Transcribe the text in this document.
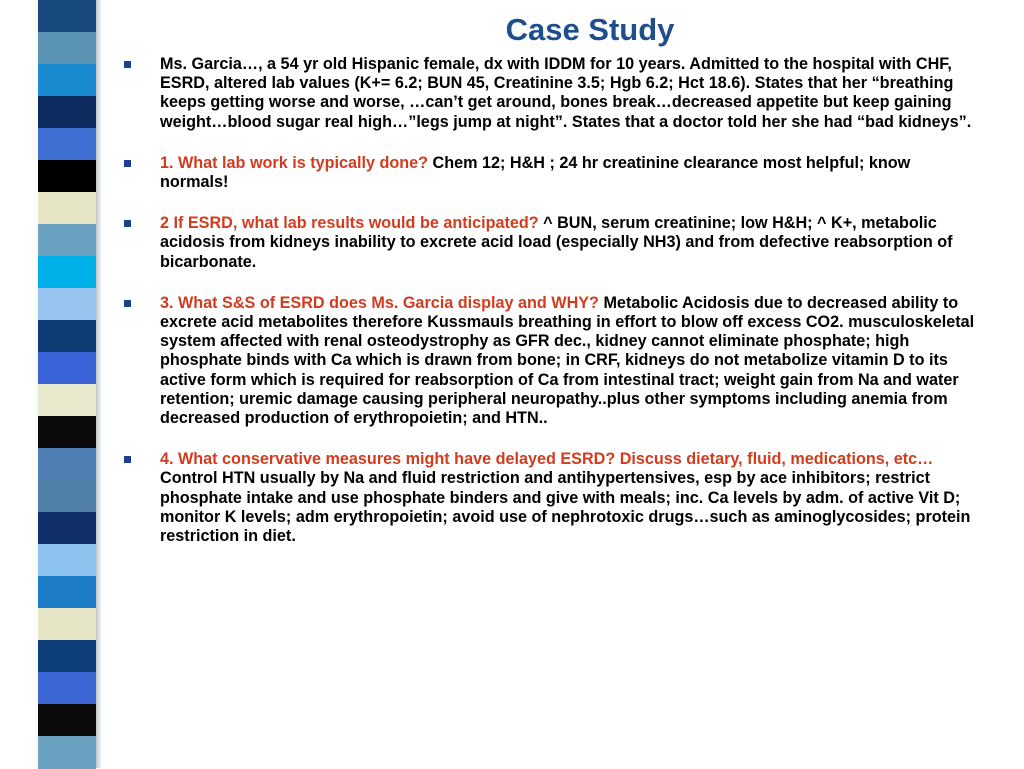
Case Study
Ms. Garcia…, a 54 yr old Hispanic female, dx with IDDM for 10 years. Admitted to the hospital with CHF, ESRD, altered lab values (K+= 6.2; BUN 45, Creatinine 3.5; Hgb 6.2; Hct 18.6). States that her “breathing keeps getting worse and worse, …can’t get around, bones break…decreased appetite but keep gaining weight…blood sugar real high…”legs jump at night”. States that a doctor told her she had “bad kidneys”.
1. What lab work is typically done? Chem 12; H&H ; 24 hr creatinine clearance most helpful; know normals!
2 If ESRD, what lab results would be anticipated? ^ BUN, serum creatinine; low H&H; ^ K+, metabolic acidosis from kidneys inability to excrete acid load (especially NH3) and from defective reabsorption of bicarbonate.
3. What S&S of ESRD does Ms. Garcia display and WHY? Metabolic Acidosis due to decreased ability to excrete acid metabolites therefore Kussmauls breathing in effort to blow off excess CO2. musculoskeletal system affected with renal osteodystrophy as GFR dec., kidney cannot eliminate phosphate; high phosphate binds with Ca which is drawn from bone; in CRF, kidneys do not metabolize vitamin D to its active form which is required for reabsorption of Ca from intestinal tract; weight gain from Na and water retention; uremic damage causing peripheral neuropathy..plus other symptoms including anemia from decreased production of erythropoietin; and HTN..
4. What conservative measures might have delayed ESRD? Discuss dietary, fluid, medications, etc…Control HTN usually by Na and fluid restriction and antihypertensives, esp by ace inhibitors; restrict phosphate intake and use phosphate binders and give with meals; inc. Ca levels by adm. of active Vit D; monitor K levels; adm erythropoietin; avoid use of nephrotoxic drugs…such as aminoglycosides; protein restriction in diet.
